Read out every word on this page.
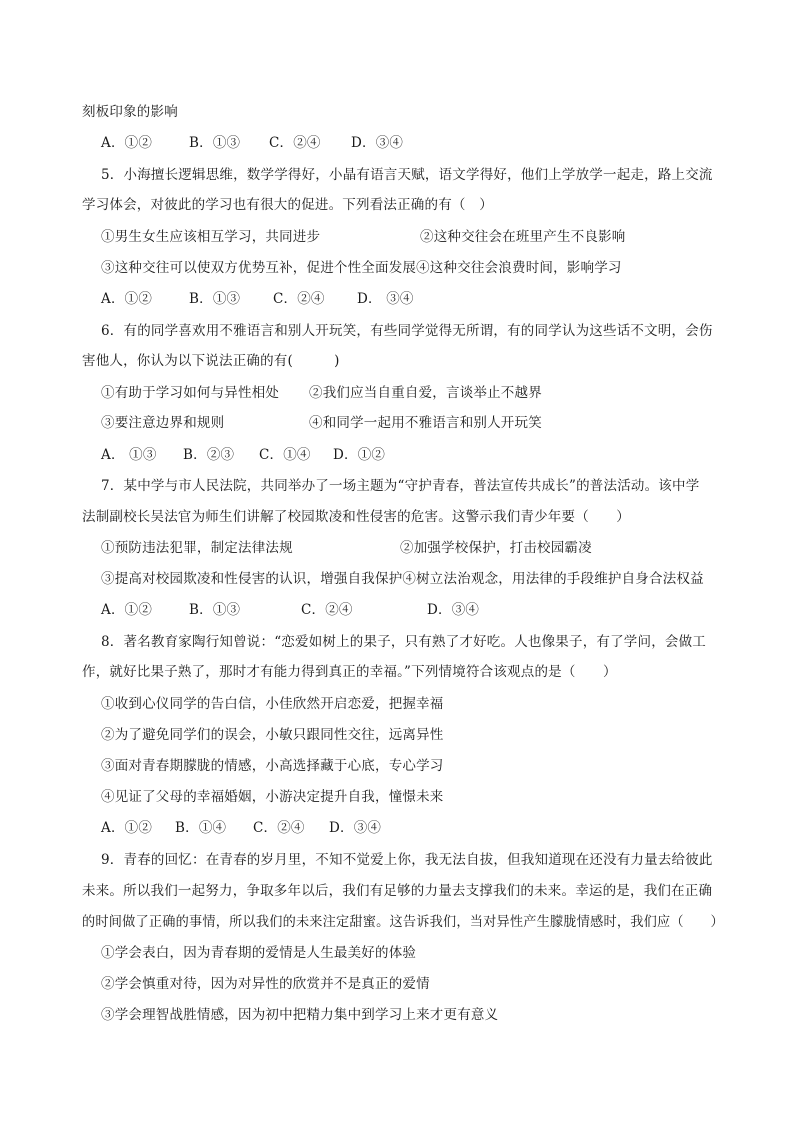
刻板印象的影响
A．①②	B．①③ C．②④ D．③④
5．小海擅长逻辑思维，数学学得好，小晶有语言天赋，语文学得好，他们上学放学一起走，路上交流
学习体会，对彼此的学习也有很大的促进。下列看法正确的有（　）
①男生女生应该相互学习，共同进步	②这种交往会在班里产生不良影响
③这种交往可以使双方优势互补，促进个性全面发展④这种交往会浪费时间，影响学习
A．①②	B．①③ C．②④ D． ③④
6．有的同学喜欢用不雅语言和别人开玩笑，有些同学觉得无所谓，有的同学认为这些话不文明，会伤
害他人，你认为以下说法正确的有(　　　)
①有助于学习如何与异性相处 ②我们应当自重自爱，言谈举止不越界
③要注意边界和规则	④和同学一起用不雅语言和别人开玩笑
A． ①③ B．②③ C．①④ D．①②
7．某中学与市人民法院，共同举办了一场主题为“守护青春，普法宣传共成长”的普法活动。该中学
法制副校长吴法官为师生们讲解了校园欺凌和性侵害的危害。这警示我们青少年要（　　）
①预防违法犯罪，制定法律法规	②加强学校保护，打击校园霸凌
③提高对校园欺凌和性侵害的认识，增强自我保护④树立法治观念，用法律的手段维护自身合法权益
A．①②	B．①③	C．②④	D．③④
8．著名教育家陶行知曾说：“恋爱如树上的果子，只有熟了才好吃。人也像果子，有了学问，会做工
作，就好比果子熟了，那时才有能力得到真正的幸福。”下列情境符合该观点的是（　　）
①收到心仪同学的告白信，小佳欣然开启恋爱，把握幸福
②为了避免同学们的误会，小敏只跟同性交往，远离异性
③面对青春期朦胧的情感，小高选择藏于心底，专心学习
④见证了父母的幸福婚姻，小游决定提升自我，憧憬未来
A．①② B．①④ C．②④ D．③④
9．青春的回忆：在青春的岁月里，不知不觉爱上你，我无法自拔，但我知道现在还没有力量去给彼此
未来。所以我们一起努力，争取多年以后，我们有足够的力量去支撑我们的未来。幸运的是，我们在正确
的时间做了正确的事情，所以我们的未来注定甜蜜。这告诉我们，当对异性产生朦胧情感时，我们应（　　）
①学会表白，因为青春期的爱情是人生最美好的体验
②学会慎重对待，因为对异性的欣赏并不是真正的爱情
③学会理智战胜情感，因为初中把精力集中到学习上来才更有意义
